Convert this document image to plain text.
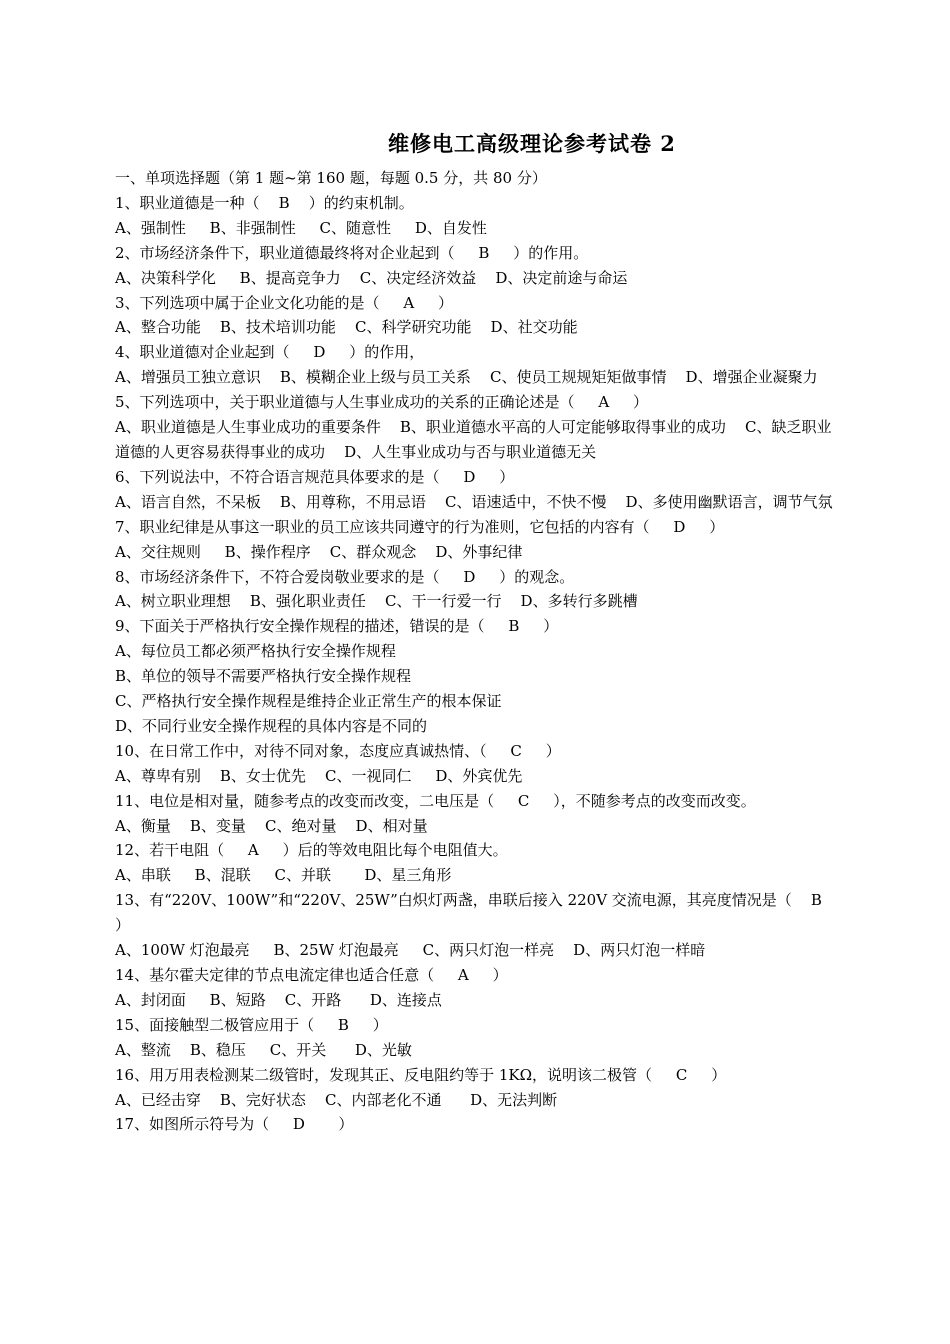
维修电工高级理论参考试卷 2
一、单项选择题（第 1 题~第 160 题，每题 0.5 分，共 80 分）
1、职业道德是一种（    B    ）的约束机制。
A、强制性     B、非强制性     C、随意性     D、自发性
2、市场经济条件下，职业道德最终将对企业起到（     B     ）的作用。
A、决策科学化     B、提高竞争力    C、决定经济效益    D、决定前途与命运
3、下列选项中属于企业文化功能的是（     A     ）
A、整合功能    B、技术培训功能    C、科学研究功能    D、社交功能
4、职业道德对企业起到（     D     ）的作用，
A、增强员工独立意识    B、模糊企业上级与员工关系    C、使员工规规矩矩做事情    D、增强企业凝聚力
5、下列选项中，关于职业道德与人生事业成功的关系的正确论述是（     A     ）
A、职业道德是人生事业成功的重要条件    B、职业道德水平高的人可定能够取得事业的成功    C、缺乏职业道德的人更容易获得事业的成功    D、人生事业成功与否与职业道德无关
6、下列说法中，不符合语言规范具体要求的是（     D     ）
A、语言自然，不呆板    B、用尊称，不用忌语    C、语速适中，不快不慢    D、多使用幽默语言，调节气氛
7、职业纪律是从事这一职业的员工应该共同遵守的行为准则，它包括的内容有（     D     ）
A、交往规则     B、操作程序    C、群众观念    D、外事纪律
8、市场经济条件下，不符合爱岗敬业要求的是（     D     ）的观念。
A、树立职业理想    B、强化职业责任    C、干一行爱一行    D、多转行多跳槽
9、下面关于严格执行安全操作规程的描述，错误的是（     B     ）
A、每位员工都必须严格执行安全操作规程
B、单位的领导不需要严格执行安全操作规程
C、严格执行安全操作规程是维持企业正常生产的根本保证
D、不同行业安全操作规程的具体内容是不同的
10、在日常工作中，对待不同对象，态度应真诚热情、（     C     ）
A、尊卑有别    B、女士优先    C、一视同仁     D、外宾优先
11、电位是相对量，随参考点的改变而改变，二电压是（     C     ），不随参考点的改变而改变。
A、衡量    B、变量    C、绝对量    D、相对量
12、若干电阻（     A     ）后的等效电阻比每个电阻值大。
A、串联     B、混联     C、并联       D、星三角形
13、有“220V、100W”和“220V、25W”白炽灯两盏，串联后接入 220V 交流电源，其亮度情况是（    B    ）
A、100W 灯泡最亮     B、25W 灯泡最亮     C、两只灯泡一样亮    D、两只灯泡一样暗
14、基尔霍夫定律的节点电流定律也适合任意（     A     ）
A、封闭面     B、短路    C、开路      D、连接点
15、面接触型二极管应用于（     B     ）
A、整流    B、稳压     C、开关      D、光敏
16、用万用表检测某二级管时，发现其正、反电阻约等于 1KΩ，说明该二极管（     C     ）
A、已经击穿    B、完好状态    C、内部老化不通      D、无法判断
17、如图所示符号为（     D       ）
